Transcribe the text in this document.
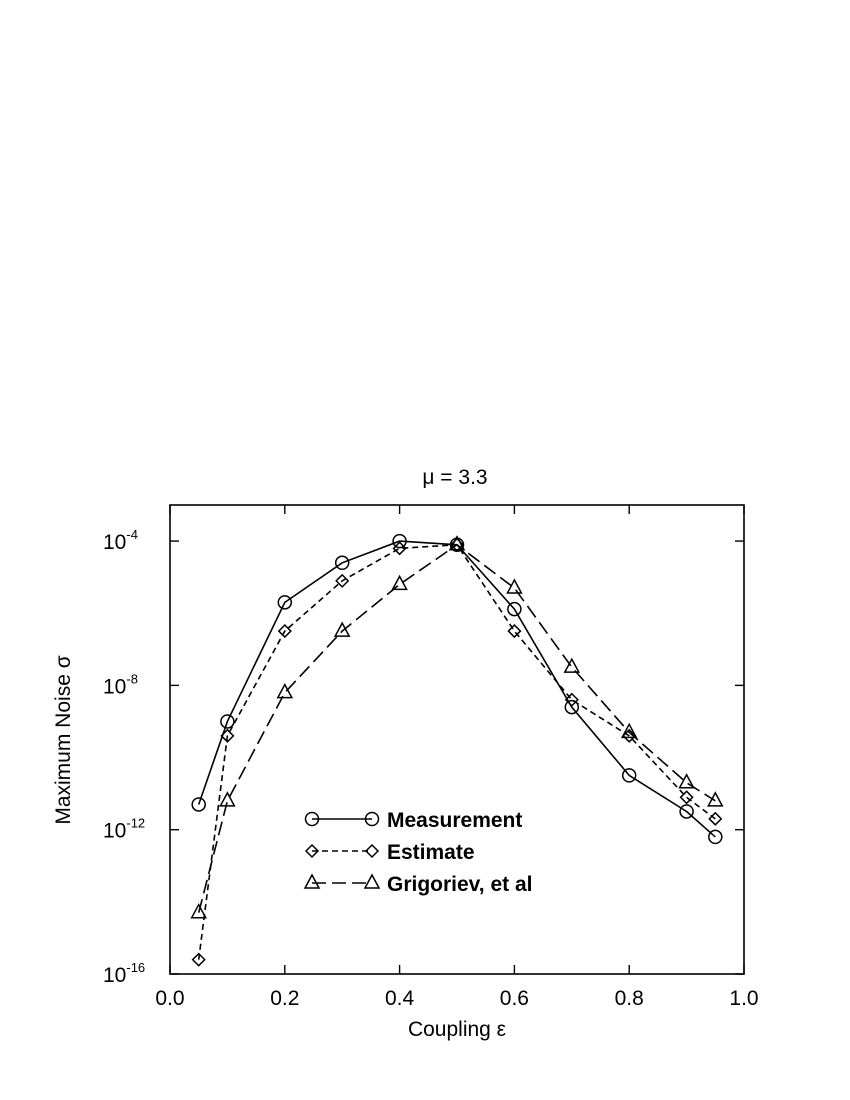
μ = 3.3
0.0	0.2	0.4	0.6	0.8	1.0
$10^{-4}$
$10^{-8}$
$10^{-12}$
$10^{-16}$
Coupling ε
Maximum Noise σ	Measurement
Estimate
Grigoriev, et al
